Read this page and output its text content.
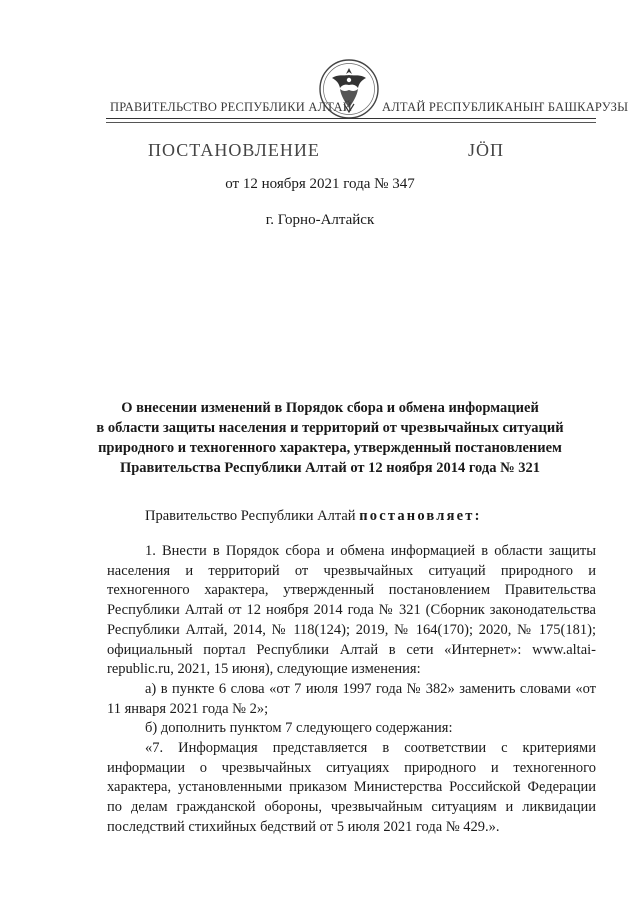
ПРАВИТЕЛЬСТВО РЕСПУБЛИКИ АЛТАЙ АЛТАЙ РЕСПУБЛИКАНЫҤ БАШКАРУЗЫ
ПОСТАНОВЛЕНИЕ	JӦП
от 12 ноября 2021 года № 347
г. Горно-Алтайск
О внесении изменений в Порядок сбора и обмена информацией
в области защиты населения и территорий от чрезвычайных ситуаций
природного и техногенного характера, утвержденный постановлением
Правительства Республики Алтай от 12 ноября 2014 года № 321

Правительство Республики Алтай постановляет:

1. Внести в Порядок сбора и обмена информацией в области защиты населения и территорий от чрезвычайных ситуаций природного и техногенного характера, утвержденный постановлением Правительства Республики Алтай от 12 ноября 2014 года № 321 (Сборник законодательства Республики Алтай, 2014, № 118(124); 2019, № 164(170); 2020, № 175(181); официальный портал Республики Алтай в сети «Интернет»: www.altai-republic.ru, 2021, 15 июня), следующие изменения:

а) в пункте 6 слова «от 7 июля 1997 года № 382» заменить словами «от 11 января 2021 года № 2»;

б) дополнить пунктом 7 следующего содержания:

«7. Информация представляется в соответствии с критериями информации о чрезвычайных ситуациях природного и техногенного характера, установленными приказом Министерства Российской Федерации по делам гражданской обороны, чрезвычайным ситуациям и ликвидации последствий стихийных бедствий от 5 июля 2021 года № 429.».
